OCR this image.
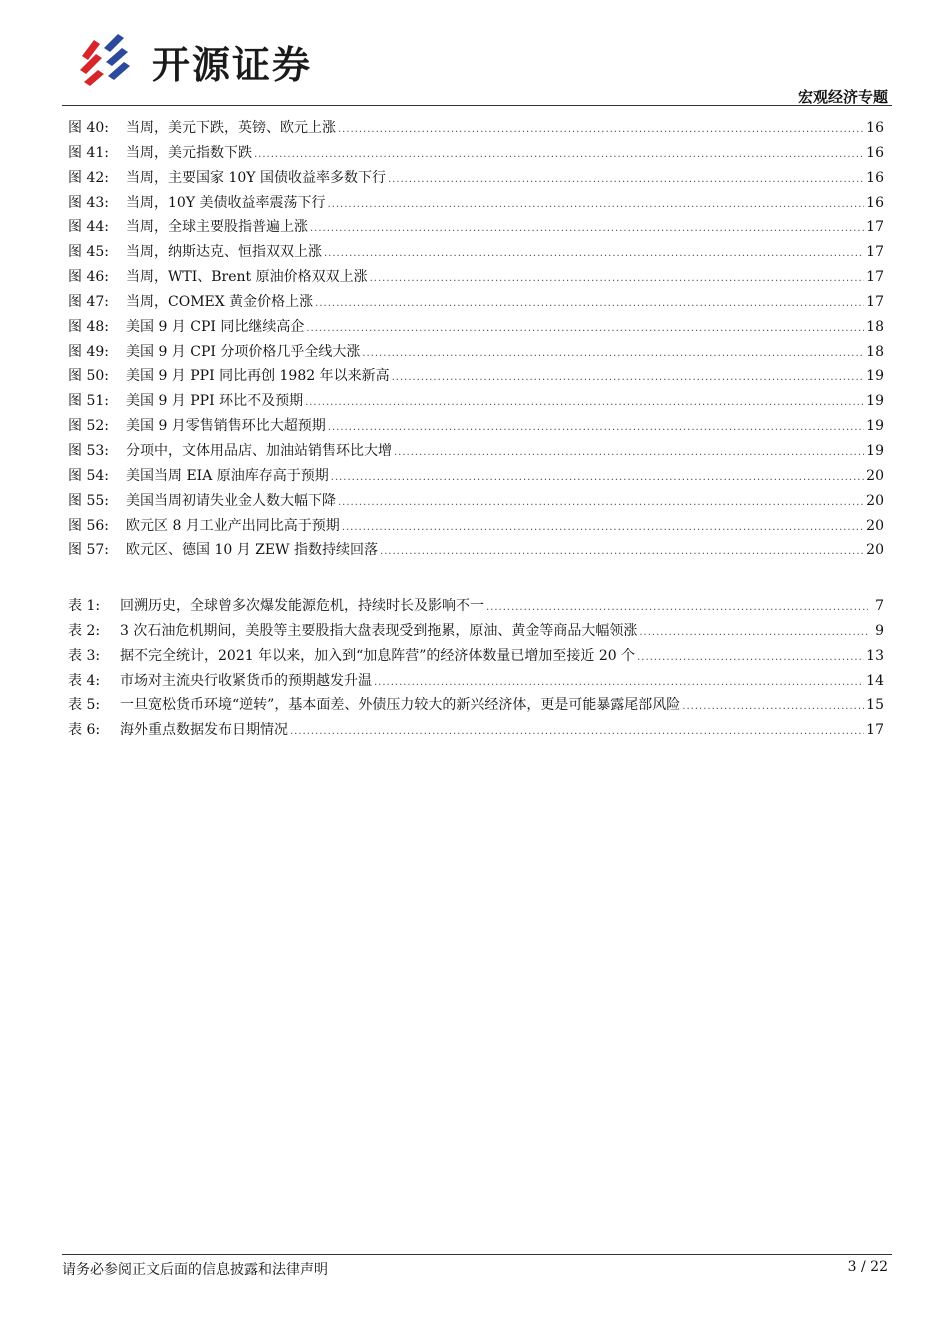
开源证券
宏观经济专题
图 40:	当周，美元下跌，英镑、欧元上涨 .....	16
图 41:	当周，美元指数下跌 .....	16
图 42:	当周，主要国家 10Y 国债收益率多数下行 .....	16
图 43:	当周，10Y 美债收益率震荡下行 .....	16
图 44:	当周，全球主要股指普遍上涨 .....	17
图 45:	当周，纳斯达克、恒指双双上涨 .....	17
图 46:	当周，WTI、Brent 原油价格双双上涨 .....	17
图 47:	当周，COMEX 黄金价格上涨 .....	17
图 48:	美国 9 月 CPI 同比继续高企 .....	18
图 49:	美国 9 月 CPI 分项价格几乎全线大涨 .....	18
图 50:	美国 9 月 PPI 同比再创 1982 年以来新高 .....	19
图 51:	美国 9 月 PPI 环比不及预期 .....	19
图 52:	美国 9 月零售销售环比大超预期 .....	19
图 53:	分项中，文体用品店、加油站销售环比大增 .....	19
图 54:	美国当周 EIA 原油库存高于预期 .....	20
图 55:	美国当周初请失业金人数大幅下降 .....	20
图 56:	欧元区 8 月工业产出同比高于预期 .....	20
图 57:	欧元区、德国 10 月 ZEW 指数持续回落 .....	20
表 1:	回溯历史，全球曾多次爆发能源危机，持续时长及影响不一 .....	7
表 2:	3 次石油危机期间，美股等主要股指大盘表现受到拖累，原油、黄金等商品大幅领涨 .....	9
表 3:	据不完全统计，2021 年以来，加入到“加息阵营”的经济体数量已增加至接近 20 个 .....	13
表 4:	市场对主流央行收紧货币的预期越发升温 .....	14
表 5:	一旦宽松货币环境“逆转”，基本面差、外债压力较大的新兴经济体，更是可能暴露尾部风险 .....	15
表 6:	海外重点数据发布日期情况 .....	17
请务必参阅正文后面的信息披露和法律声明	3 / 22
